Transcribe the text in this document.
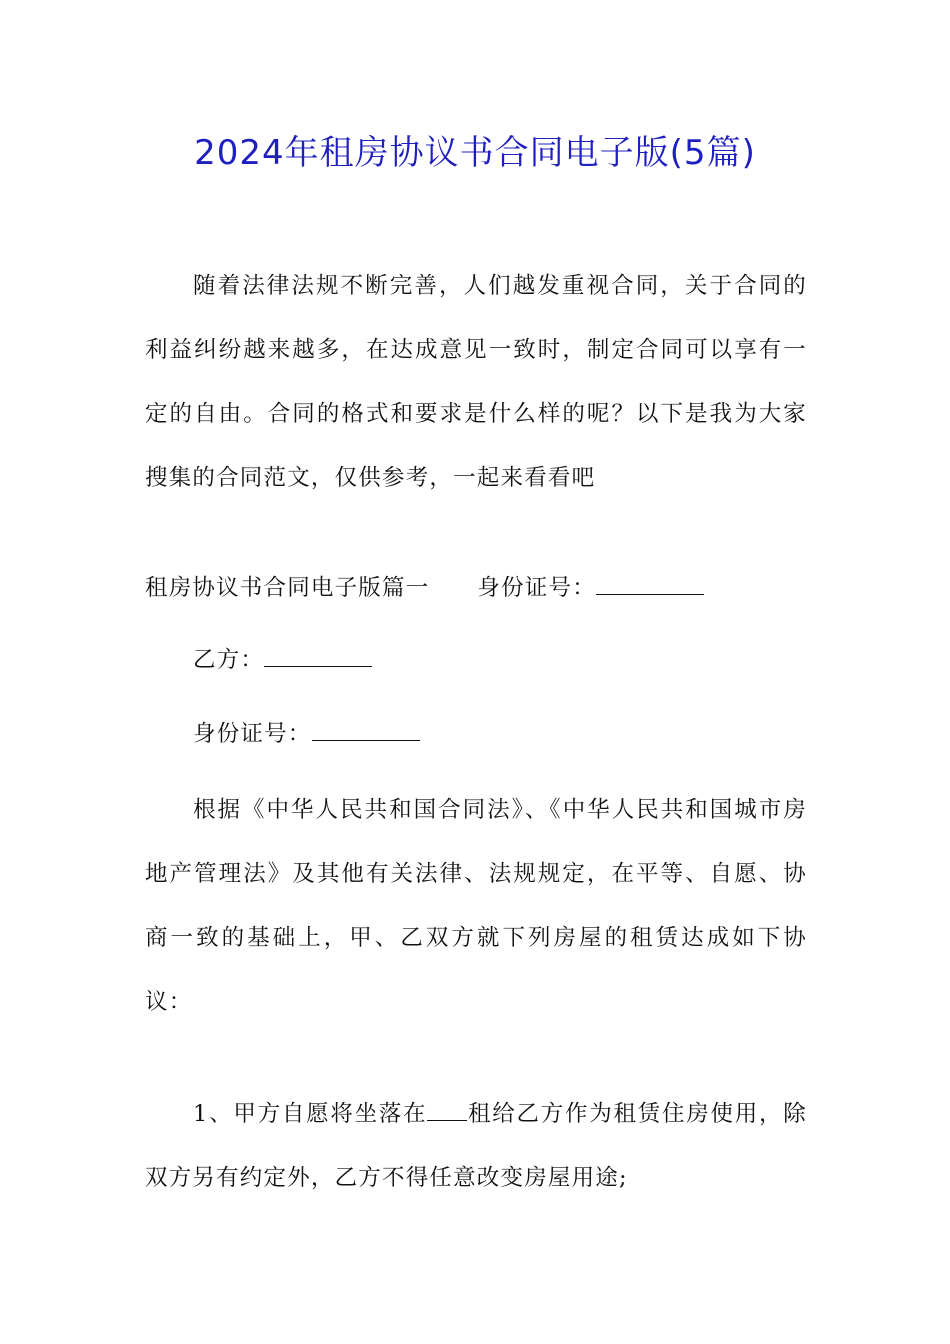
2024年租房协议书合同电子版(5篇)

随着法律法规不断完善，人们越发重视合同，关于合同的利益纠纷越来越多，在达成意见一致时，制定合同可以享有一定的自由。合同的格式和要求是什么样的呢？以下是我为大家搜集的合同范文，仅供参考，一起来看看吧

租房协议书合同电子版篇一 身份证号：

乙方：

身份证号：

根据《中华人民共和国合同法》、《中华人民共和国城市房地产管理法》及其他有关法律、法规规定，在平等、自愿、协商一致的基础上，甲、乙双方就下列房屋的租赁达成如下协议：

1、甲方自愿将坐落在 租给乙方作为租赁住房使用，除双方另有约定外，乙方不得任意改变房屋用途;
